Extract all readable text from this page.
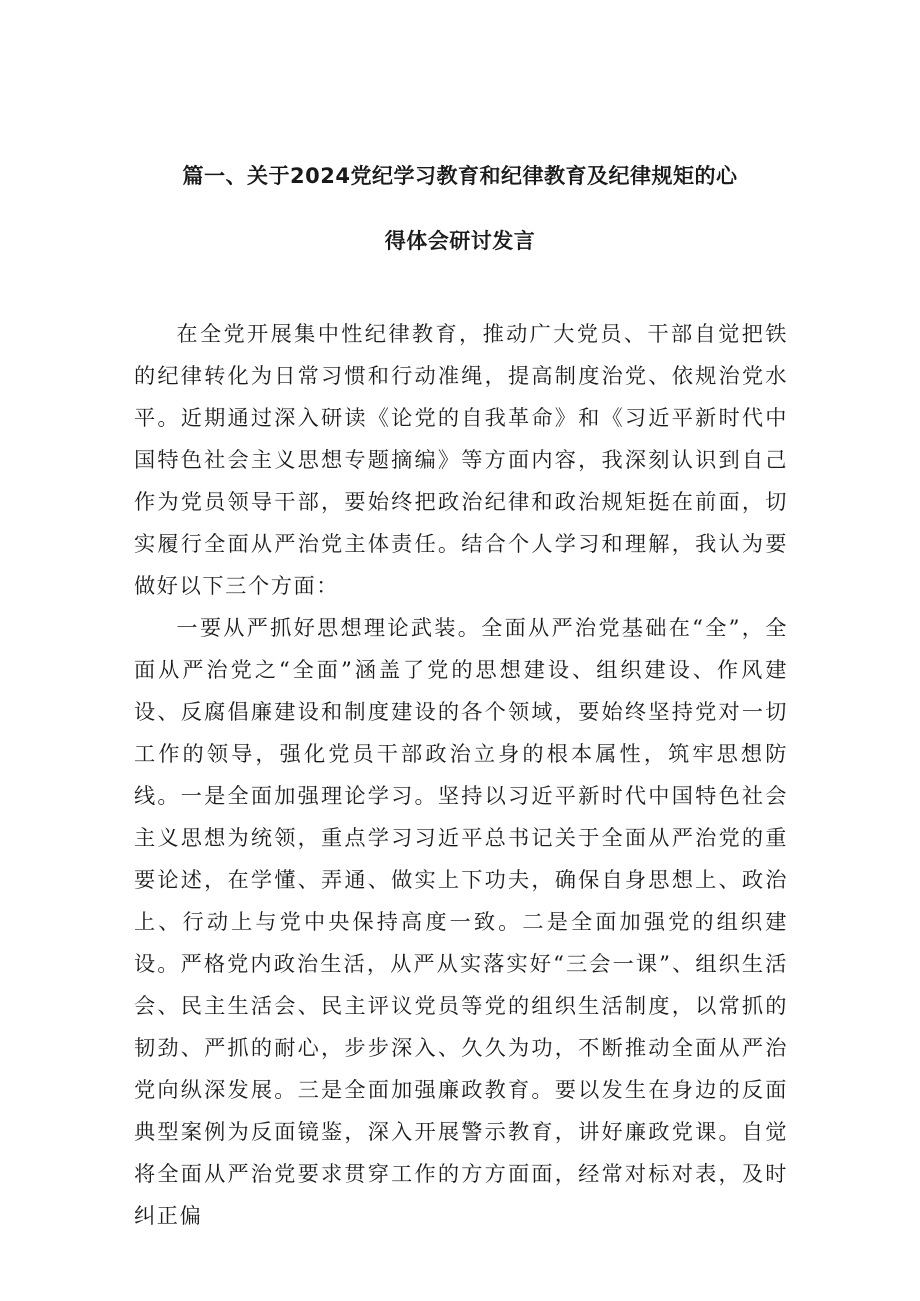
篇一、关于2024党纪学习教育和纪律教育及纪律规矩的心
得体会研讨发言

在全党开展集中性纪律教育，推动广大党员、干部自觉把铁的纪律转化为日常习惯和行动准绳，提高制度治党、依规治党水平。近期通过深入研读《论党的自我革命》和《习近平新时代中国特色社会主义思想专题摘编》等方面内容，我深刻认识到自己作为党员领导干部，要始终把政治纪律和政治规矩挺在前面，切实履行全面从严治党主体责任。结合个人学习和理解，我认为要做好以下三个方面：

一要从严抓好思想理论武装。全面从严治党基础在“全”，全面从严治党之“全面”涵盖了党的思想建设、组织建设、作风建设、反腐倡廉建设和制度建设的各个领域，要始终坚持党对一切工作的领导，强化党员干部政治立身的根本属性，筑牢思想防线。一是全面加强理论学习。坚持以习近平新时代中国特色社会主义思想为统领，重点学习习近平总书记关于全面从严治党的重要论述，在学懂、弄通、做实上下功夫，确保自身思想上、政治上、行动上与党中央保持高度一致。二是全面加强党的组织建设。严格党内政治生活，从严从实落实好“三会一课”、组织生活会、民主生活会、民主评议党员等党的组织生活制度，以常抓的韧劲、严抓的耐心，步步深入、久久为功，不断推动全面从严治党向纵深发展。三是全面加强廉政教育。要以发生在身边的反面典型案例为反面镜鉴，深入开展警示教育，讲好廉政党课。自觉将全面从严治党要求贯穿工作的方方面面，经常对标对表，及时纠正偏
